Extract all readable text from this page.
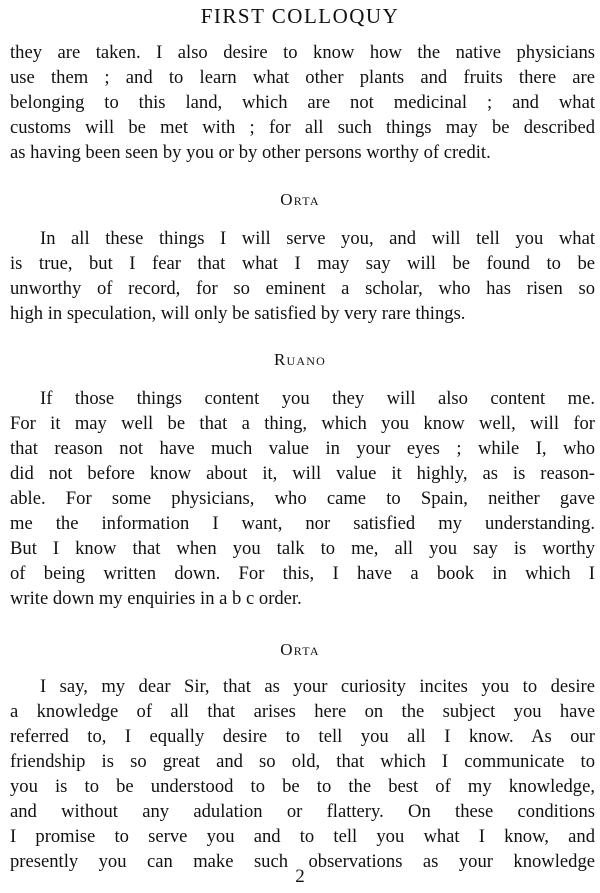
FIRST COLLOQUY
they are taken. I also desire to know how the native physicians
use them ; and to learn what other plants and fruits there are
belonging to this land, which are not medicinal ; and what
customs will be met with ; for all such things may be described
as having been seen by you or by other persons worthy of credit.
Orta
In all these things I will serve you, and will tell you what
is true, but I fear that what I may say will be found to be
unworthy of record, for so eminent a scholar, who has risen so
high in speculation, will only be satisfied by very rare things.
Ruano
If those things content you they will also content me.
For it may well be that a thing, which you know well, will for
that reason not have much value in your eyes ; while I, who
did not before know about it, will value it highly, as is reason-
able. For some physicians, who came to Spain, neither gave
me the information I want, nor satisfied my understanding.
But I know that when you talk to me, all you say is worthy
of being written down. For this, I have a book in which I
write down my enquiries in a b c order.
Orta
I say, my dear Sir, that as your curiosity incites you to desire
a knowledge of all that arises here on the subject you have
referred to, I equally desire to tell you all I know. As our
friendship is so great and so old, that which I communicate to
you is to be understood to be to the best of my knowledge,
and without any adulation or flattery. On these conditions
I promise to serve you and to tell you what I know, and
presently you can make such observations as your knowledge
2
